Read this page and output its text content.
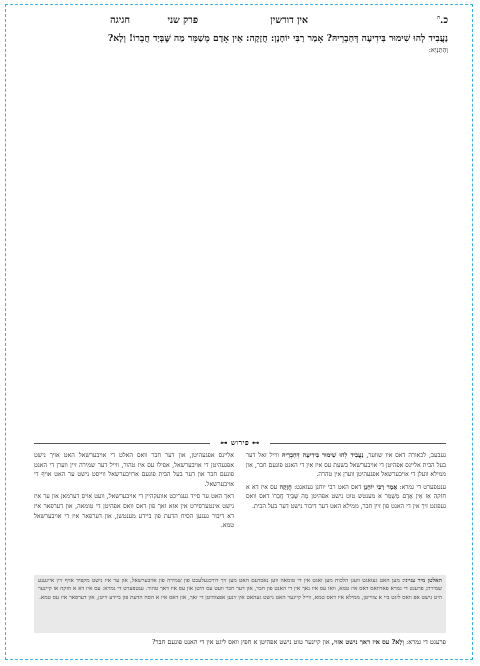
כ.$^ה$
אין דורשין
פרק שני
חגיגה
נַעֲבִיד לְהוּ שִׁימוּר בִּידִיעָה דְּחַבְרֵיהּ? אָמַר רַבִּי יוֹחָנָן: חֲזָקָה: אֵין אָדָם מְשַׁמֵּר מַה שֶּׁבְּיַד חֲבֵרוֹ! וְלָא?
וְהָתַנְיָא:
⊶ פירוש ⊷

געבעב, לכאורה דאס איז שווער, נַעֲבִיד לְהוּ שִׁימוּר בִּידִיעָה דְּחַבְרֵיהּ ווייל זאל דער בעל הבית אליינס אפהיטן די אויבערשאל בשעת עס איז אין די האנט פונעם חבר, און ממילא וועלן די אויבערשאל אפגעהיטן ווערן אין טהרה.

ענטפערט די גמרא: אָמַר רַבִּי יוֹחָנָן דאס האט רבי יוחנן געזאגט: חֲזָקָה עס איז דא א חזקה אַז אֵין אָדָם מְשַׁמֵּר א מענטש טוט נישט אפהיטן מַה שֶּׁבְּיַד חֲבֵרוֹ דאס וואס געפונט זיך אין די האנט פון זיין חבר, ממילא האט דער דיבור נישט דער בעל הבית.

אליינס אפגעהיטן, און דער חבר וואס האלט די אויבערשאל האט אויך נישט אפגעהיטן די אויבערשאל, אפילו עס איז טהור, ווייל דער שמירה זיין ווערן די האנט פונעם חבר און דער בעל הבית פונעם ארויבערשאל ווייסט נישט ער האט אויף די אויבערשאל.

דאך האט ער סייד געגריכט אוועקהיין די אויבערשאל, וועט אויס דערמאן און ער איז נישט אינטערסירט אין אזא זאך פון דאס וואס אפהיטן די טומאה, און דערפאר איז דא דיבור געגען הסיח הדעת פון ביידע מענטשן, און דערפאר איז די אויבערשאל טמא.

האלטן מיר ענייני: מען האט געזאגט וועגן הלכות מען זאגט אין די טומאה ווען נאכדעם האט מען זיך דורכגעלעבט פון שמירה פון אויבערשאל, און ער איז נישט מקפיד אויף זיין אייגענע שמירה; פרעגט די גמרא פארוואס דאס איז טמא, וואו עס איז נאך אין די האנט פון חבר, און דער חבר וועט עס היטן און עס איז דאך טהור. ענטפערט די גמרא: עס איז דא א חזקה אז קיינער היט נישט אפ וואס ליגט ביי א צווייטן, ממילא איז דאס טמא, ווייל קיינער האט נישט געהאט אין זינען אפצוהיטן די זאך, און דאס איז א הסח הדעת פון ביידע זייטן, און דערפאר איז עס טמא.
פרעגט די גמרא: וְלָא? עס איז דאך נישט אזוי, און קיינער טוט נישט אפהיטן א חפץ וואס ליגט אין די האנט פונעם חבר?
